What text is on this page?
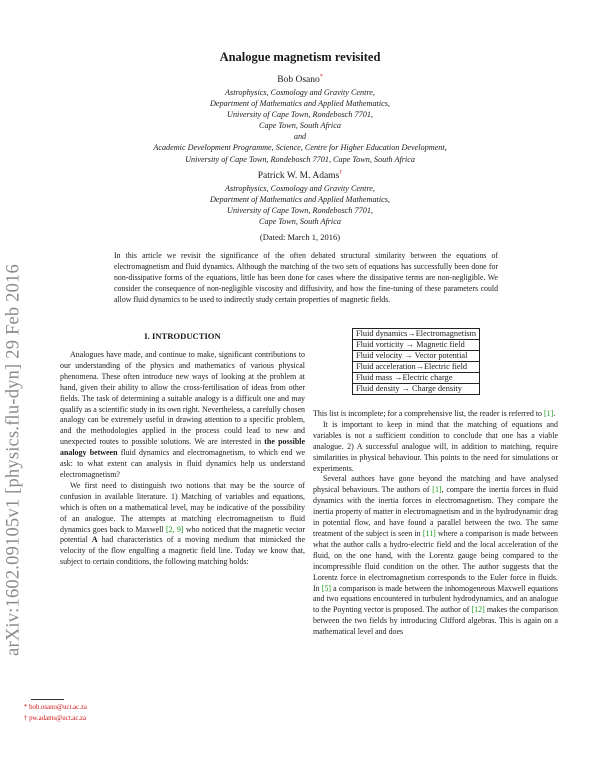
arXiv:1602.09105v1 [physics.flu-dyn] 29 Feb 2016
Analogue magnetism revisited
Bob Osano*
Astrophysics, Cosmology and Gravity Centre,
Department of Mathematics and Applied Mathematics,
University of Cape Town, Rondebosch 7701,
Cape Town, South Africa
and
Academic Development Programme, Science, Centre for Higher Education Development,
University of Cape Town, Rondebosch 7701, Cape Town, South Africa
Patrick W. M. Adams†
Astrophysics, Cosmology and Gravity Centre,
Department of Mathematics and Applied Mathematics,
University of Cape Town, Rondebosch 7701,
Cape Town, South Africa
(Dated: March 1, 2016)
In this article we revisit the significance of the often debated structural similarity between the equations of electromagnetism and fluid dynamics. Although the matching of the two sets of equations has successfully been done for non-dissipative forms of the equations, little has been done for cases where the dissipative terms are non-negligible. We consider the consequence of non-negligible viscosity and diffusivity, and how the fine-tuning of these parameters could allow fluid dynamics to be used to indirectly study certain properties of magnetic fields.
I. INTRODUCTION

Analogues have made, and continue to make, significant contributions to our understanding of the physics and mathematics of various physical phenomena. These often introduce new ways of looking at the problem at hand, given their ability to allow the cross-fertilisation of ideas from other fields. The task of determining a suitable analogy is a difficult one and may qualify as a scientific study in its own right. Nevertheless, a carefully chosen analogy can be extremely useful in drawing attention to a specific problem, and the methodologies applied in the process could lead to new and unexpected routes to possible solutions. We are interested in the possible analogy between fluid dynamics and electromagnetism, to which end we ask: to what extent can analysis in fluid dynamics help us understand electromagnetism?

We first need to distinguish two notions that may be the source of confusion in available literature. 1) Matching of variables and equations, which is often on a mathematical level, may be indicative of the possibility of an analogue. The attempts at matching electromagnetism to fluid dynamics goes back to Maxwell [2, 9] who noticed that the magnetic vector potential A had characteristics of a moving medium that mimicked the velocity of the flow engulfing a magnetic field line. Today we know that, subject to certain conditions, the following matching holds:

Fluid dynamics→Electromagnetism
Fluid vorticity → Magnetic field
Fluid velocity → Vector potential
Fluid acceleration→Electric field
Fluid mass →Electric charge
Fluid density → Charge density

This list is incomplete; for a comprehensive list, the reader is referred to [1].

It is important to keep in mind that the matching of equations and variables is not a sufficient condition to conclude that one has a viable analogue. 2) A successful analogue will, in addition to matching, require similarities in physical behaviour. This points to the need for simulations or experiments.

Several authors have gone beyond the matching and have analysed physical behaviours. The authors of [1], compare the inertia forces in fluid dynamics with the inertia forces in electromagnetism. They compare the inertia property of matter in electromagnetism and in the hydrodynamic drag in potential flow, and have found a parallel between the two. The same treatment of the subject is seen in [11] where a comparison is made between what the author calls a hydro-electric field and the local acceleration of the fluid, on the one hand, with the Lorentz gauge being compared to the incompressible fluid condition on the other. The author suggests that the Lorentz force in electromagnetism corresponds to the Euler force in fluids. In [5] a comparison is made between the inhomogeneous Maxwell equations and two equations encountered in turbulent hydrodynamics, and an analogue to the Poynting vector is proposed. The author of [12] makes the comparison between the two fields by introducing Clifford algebras. This is again on a mathematical level and does

* bob.osano@uct.ac.za
† pw.adams@uct.ac.za
